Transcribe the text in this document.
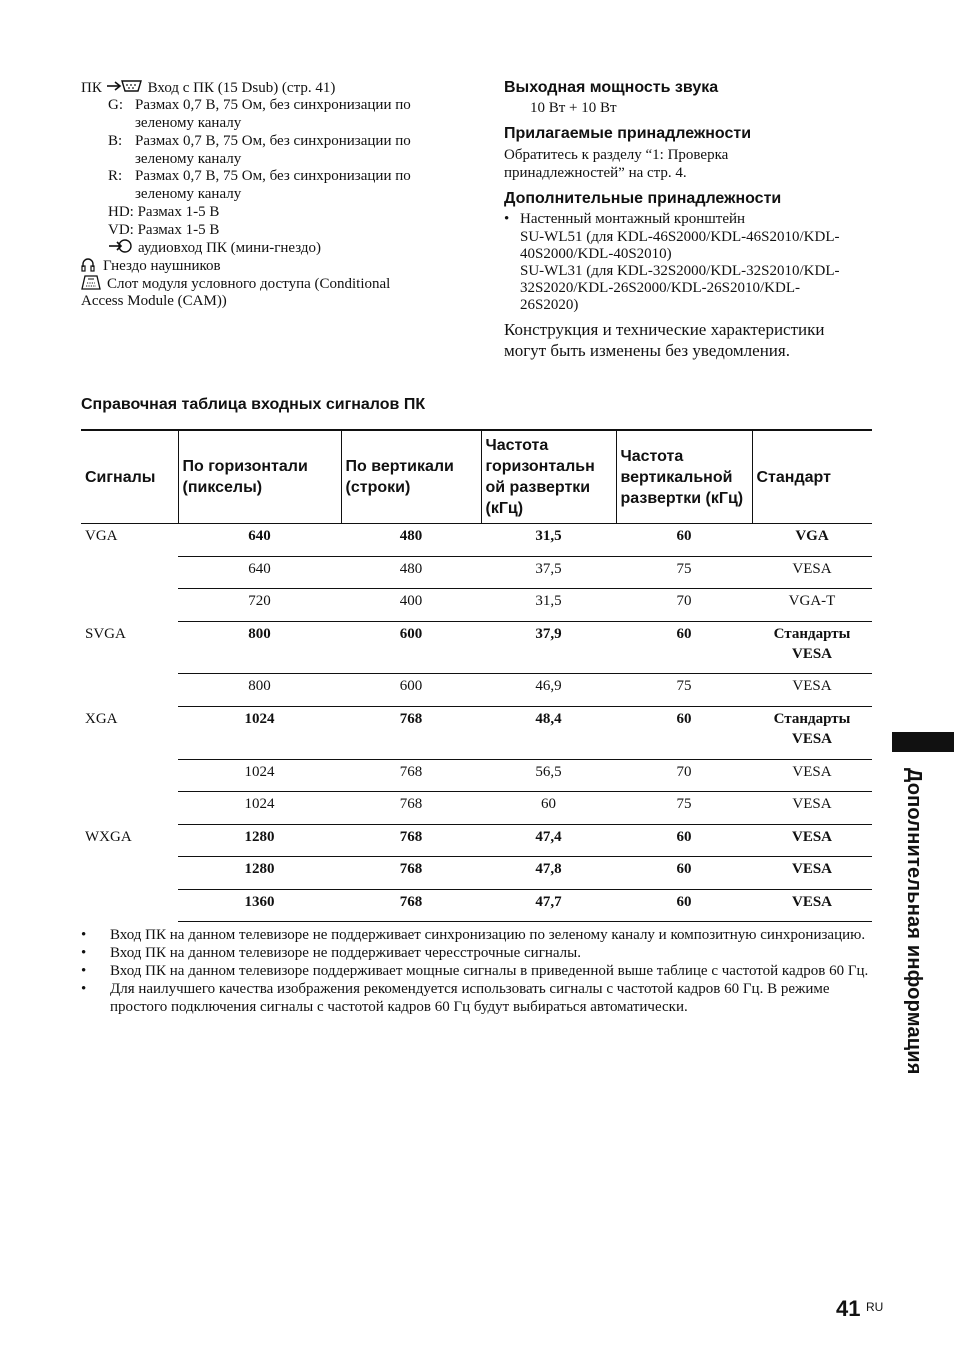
ПК	Вход с ПК (15 Dsub) (стр. 41)
G: Размах 0,7 В, 75 Ом, без синхронизации по
зеленому каналу
B: Размах 0,7 В, 75 Ом, без синхронизации по
зеленому каналу
R: Размах 0,7 В, 75 Ом, без синхронизации по
зеленому каналу
HD: Размах 1-5 В
VD: Размах 1-5 В
аудиовход ПК (мини-гнездо)
Гнездо наушников
Слот модуля условного доступа (Conditional
Access Module (CAM))
Выходная мощность звука
10 Вт + 10 Вт
Прилагаемые принадлежности
Обратитесь к разделу “1: Проверка
принадлежностей” на стр. 4.
Дополнительные принадлежности
• Настенный монтажный кронштейн
SU-WL51 (для KDL-46S2000/KDL-46S2010/KDL-
40S2000/KDL-40S2010)
SU-WL31 (для KDL-32S2000/KDL-32S2010/KDL-
32S2020/KDL-26S2000/KDL-26S2010/KDL-
26S2020)
Конструкция и технические характеристики
могут быть изменены без уведомления.
Справочная таблица входных сигналов ПК
Сигналы	По горизонтали (пикселы)	По вертикали (строки)	Частота горизонтальн ой развертки (кГц)	Частота вертикальной развертки (кГц)	Стандарт
VGA	640	480	31,5	60	VGA
	640	480	37,5	75	VESA
	720	400	31,5	70	VGA-T
SVGA	800	600	37,9	60	Стандарты VESA
	800	600	46,9	75	VESA
XGA	1024	768	48,4	60	Стандарты VESA
	1024	768	56,5	70	VESA
	1024	768	60	75	VESA
WXGA	1280	768	47,4	60	VESA
	1280	768	47,8	60	VESA
	1360	768	47,7	60	VESA
• Вход ПК на данном телевизоре не поддерживает синхронизацию по зеленому каналу и композитную синхронизацию.
• Вход ПК на данном телевизоре не поддерживает чересстрочные сигналы.
• Вход ПК на данном телевизоре поддерживает мощные сигналы в приведенной выше таблице с частотой кадров 60 Гц.
• Для наилучшего качества изображения рекомендуется использовать сигналы с частотой кадров 60 Гц. В режиме простого подключения сигналы с частотой кадров 60 Гц будут выбираться автоматически.	Дополнительная информация
41 RU
